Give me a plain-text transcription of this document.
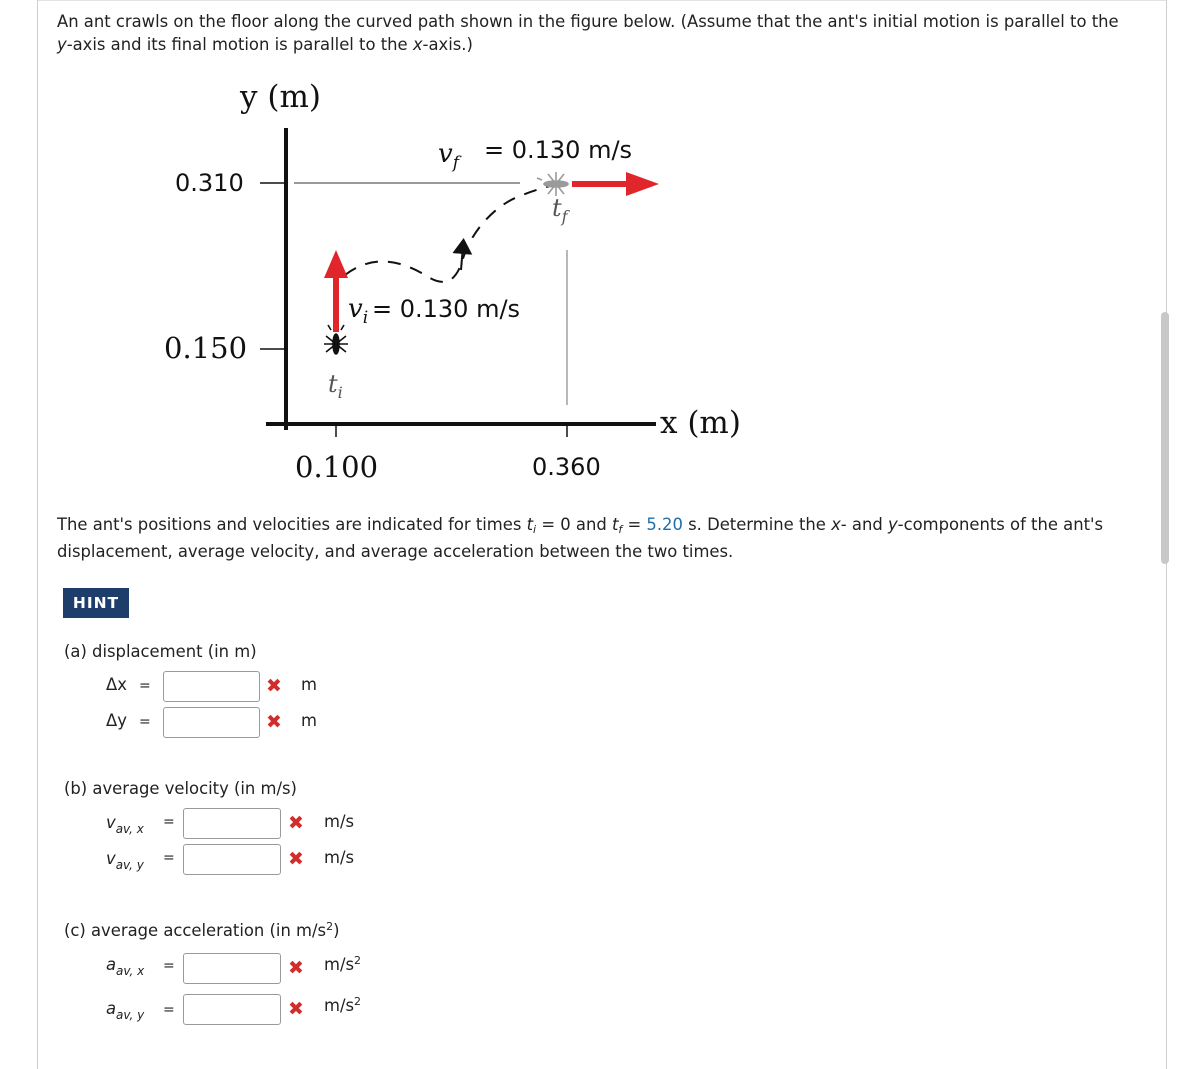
An ant crawls on the floor along the curved path shown in the figure below. (Assume that the ant's initial motion is parallel to the
y-axis and its final motion is parallel to the x-axis.)
y (m)
x (m)
0.310
0.150
0.100	0.360
$v_f = 0.130$ m/s
$v_i = 0.130$ m/s
$t_i$
$t_f$
The ant's positions and velocities are indicated for times $t_i = 0$ and $t_f = 5.20$ s. Determine the x- and y-components of the ant's
displacement, average velocity, and average acceleration between the two times.
HINT
(a) displacement (in m)
Δx =	✖ m
Δy =	✖ m
(b) average velocity (in m/s)
$v_{av, x}$ =	✖ m/s
$v_{av, y}$ =	✖ m/s
(c) average acceleration (in $m/s^2$)
$a_{av, x}$ =	✖ $m/s^2$
$a_{av, y}$ =	✖ $m/s^2$
